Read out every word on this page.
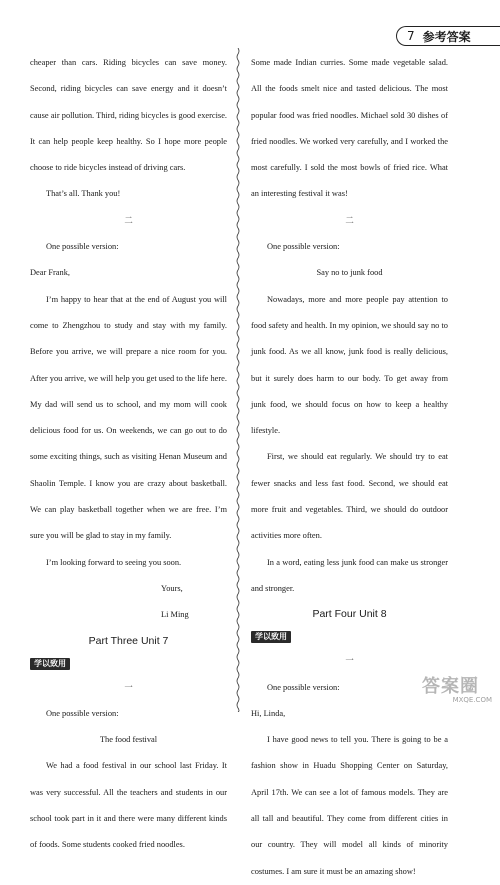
7 参考答案

cheaper than cars. Riding bicycles can save money. Second, riding bicycles can save energy and it doesn’t cause air pollution. Third, riding bicycles is good exercise. It can help people keep healthy. So I hope more people choose to ride bicycles instead of driving cars.

That’s all. Thank you!

二

One possible version:

Dear Frank,

I’m happy to hear that at the end of August you will come to Zhengzhou to study and stay with my family. Before you arrive, we will prepare a nice room for you. After you arrive, we will help you get used to the life here. My dad will send us to school, and my mom will cook delicious food for us. On weekends, we can go out to do some exciting things, such as visiting Henan Museum and Shaolin Temple. I know you are crazy about basketball. We can play basketball together when we are free. I’m sure you will be glad to stay in my family.

I’m looking forward to seeing you soon.

Yours,

Li Ming

Part Three Unit 7

学以致用

一

One possible version:

The food festival

We had a food festival in our school last Friday. It was very successful. All the teachers and students in our school took part in it and there were many different kinds of foods. Some students cooked fried noodles.

Some made Indian curries. Some made vegetable salad. All the foods smelt nice and tasted delicious. The most popular food was fried noodles. Michael sold 30 dishes of fried noodles. We worked very carefully, and I worked the most carefully. I sold the most bowls of fried rice. What an interesting festival it was!

二

One possible version:

Say no to junk food

Nowadays, more and more people pay attention to food safety and health. In my opinion, we should say no to junk food. As we all know, junk food is really delicious, but it surely does harm to our body. To get away from junk food, we should focus on how to keep a healthy lifestyle.

First, we should eat regularly. We should try to eat fewer snacks and less fast food. Second, we should eat more fruit and vegetables. Third, we should do outdoor activities more often.

In a word, eating less junk food can make us stronger and stronger.

Part Four Unit 8

学以致用

一

One possible version:

Hi, Linda,

I have good news to tell you. There is going to be a fashion show in Huadu Shopping Center on Saturday, April 17th. We can see a lot of famous models. They are all tall and beautiful. They come from different cities in our country. They will model all kinds of minority costumes. I am sure it must be an amazing show!

答案圈
MXQE.COM
